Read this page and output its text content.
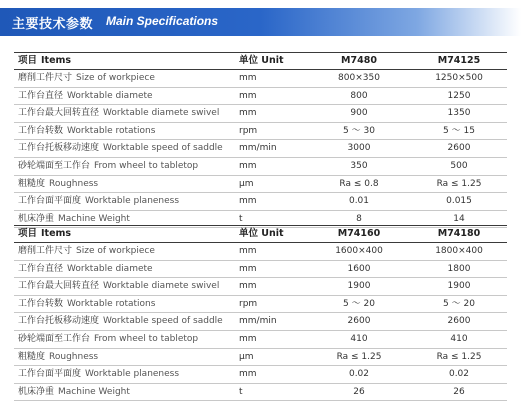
主要技术参数 Main Specifications
项目 Items	单位 Unit	M7480	M74125
磨削工件尺寸 Size of workpiece	mm	800×350	1250×500
工作台直径 Worktable diamete	mm	800	1250
工作台最大回转直径 Worktable diamete swivel mm	900	1350
工作台转数 Worktable rotations	rpm	5 ～ 30	5 ～ 15
工作台托板移动速度 Worktable speed of saddle mm/min	3000	2600
砂轮端面至工作台 From wheel to tabletop	mm	350	500
粗糙度 Roughness	μm	Ra ≤ 0.8	Ra ≤ 1.25
工作台面平面度 Worktable planeness	mm	0.01	0.015
机床净重 Machine Weight	t	8	14
项目 Items	单位 Unit	M74160	M74180
磨削工件尺寸 Size of workpiece	mm	1600×400	1800×400
工作台直径 Worktable diamete	mm	1600	1800
工作台最大回转直径 Worktable diamete swivel mm	1900	1900
工作台转数 Worktable rotations	rpm	5 ～ 20	5 ～ 20
工作台托板移动速度 Worktable speed of saddle mm/min	2600	2600
砂轮端面至工作台 From wheel to tabletop	mm	410	410
粗糙度 Roughness	μm	Ra ≤ 1.25	Ra ≤ 1.25
工作台面平面度 Worktable planeness	mm	0.02	0.02
机床净重 Machine Weight	t	26	26
